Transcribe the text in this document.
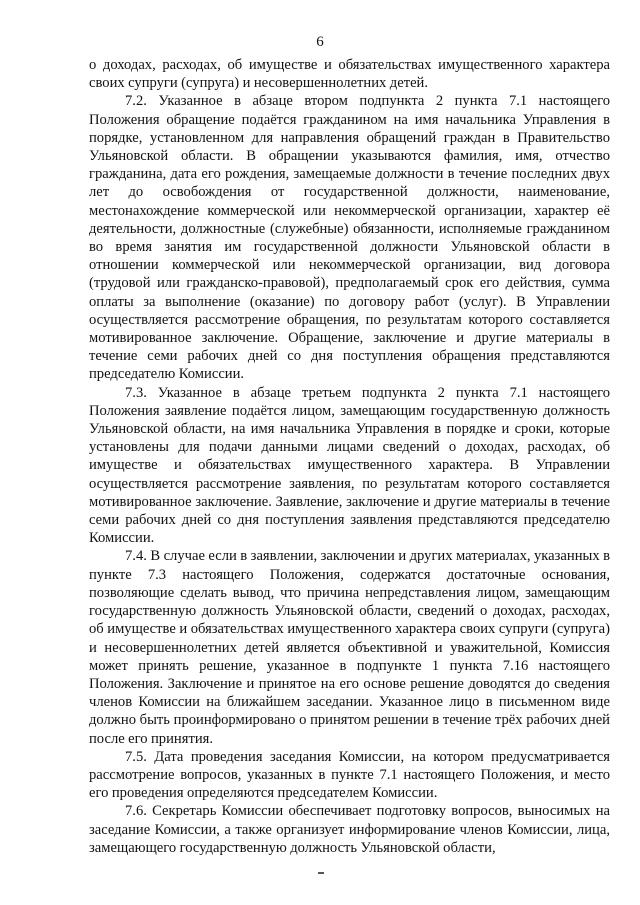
6

о доходах, расходах, об имуществе и обязательствах имущественного характера своих супруги (супруга) и несовершеннолетних детей.

7.2. Указанное в абзаце втором подпункта 2 пункта 7.1 настоящего Положения обращение подаётся гражданином на имя начальника Управления в порядке, установленном для направления обращений граждан в Правительство Ульяновской области. В обращении указываются фамилия, имя, отчество гражданина, дата его рождения, замещаемые должности в течение последних двух лет до освобождения от государственной должности, наименование, местонахождение коммерческой или некоммерческой организации, характер её деятельности, должностные (служебные) обязанности, исполняемые гражданином во время занятия им государственной должности Ульяновской области в отношении коммерческой или некоммерческой организации, вид договора (трудовой или гражданско-правовой), предполагаемый срок его действия, сумма оплаты за выполнение (оказание) по договору работ (услуг). В Управлении осуществляется рассмотрение обращения, по результатам которого составляется мотивированное заключение. Обращение, заключение и другие материалы в течение семи рабочих дней со дня поступления обращения представляются председателю Комиссии.

7.3. Указанное в абзаце третьем подпункта 2 пункта 7.1 настоящего Положения заявление подаётся лицом, замещающим государственную должность Ульяновской области, на имя начальника Управления в порядке и сроки, которые установлены для подачи данными лицами сведений о доходах, расходах, об имуществе и обязательствах имущественного характера. В Управлении осуществляется рассмотрение заявления, по результатам которого составляется мотивированное заключение. Заявление, заключение и другие материалы в течение семи рабочих дней со дня поступления заявления представляются председателю Комиссии.

7.4. В случае если в заявлении, заключении и других материалах, указанных в пункте 7.3 настоящего Положения, содержатся достаточные основания, позволяющие сделать вывод, что причина непредставления лицом, замещающим государственную должность Ульяновской области, сведений о доходах, расходах, об имуществе и обязательствах имущественного характера своих супруги (супруга) и несовершеннолетних детей является объективной и уважительной, Комиссия может принять решение, указанное в подпункте 1 пункта 7.16 настоящего Положения. Заключение и принятое на его основе решение доводятся до сведения членов Комиссии на ближайшем заседании. Указанное лицо в письменном виде должно быть проинформировано о принятом решении в течение трёх рабочих дней после его принятия.

7.5. Дата проведения заседания Комиссии, на котором предусматривается рассмотрение вопросов, указанных в пункте 7.1 настоящего Положения, и место его проведения определяются председателем Комиссии.

7.6. Секретарь Комиссии обеспечивает подготовку вопросов, выносимых на заседание Комиссии, а также организует информирование членов Комиссии, лица, замещающего государственную должность Ульяновской области,
